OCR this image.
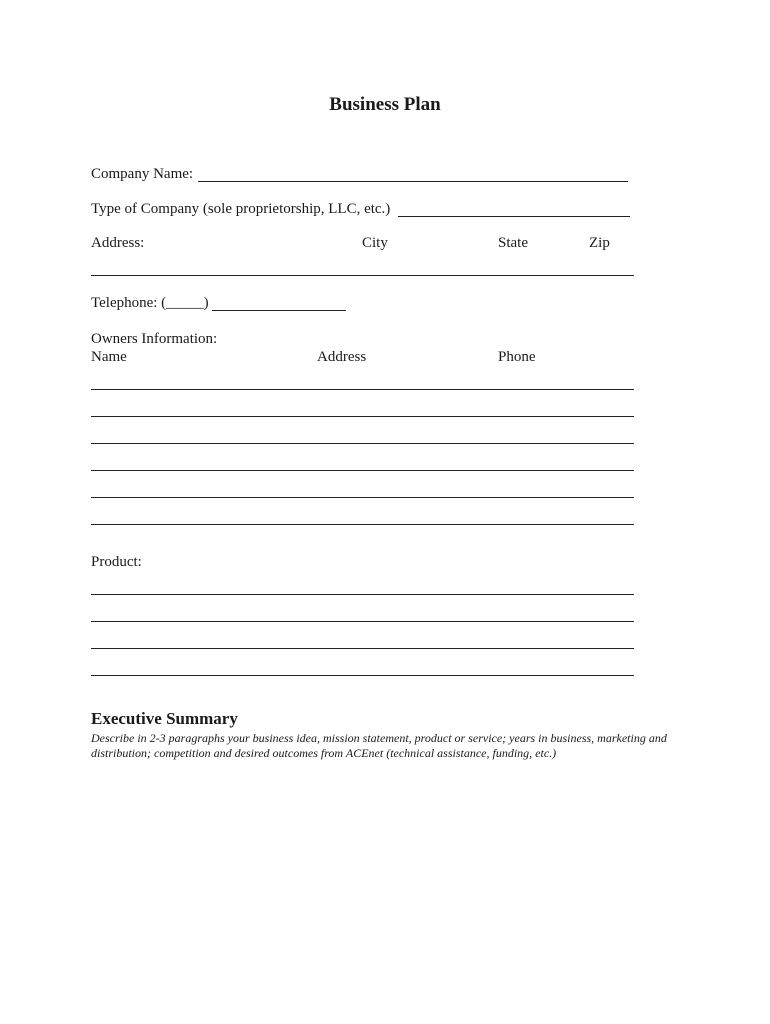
Business Plan
Company Name:
Type of Company (sole proprietorship, LLC, etc.)
Address:	City	State	Zip
Telephone: (_____)
Owners Information:
Name	Address	Phone
Product:
Executive Summary
Describe in 2-3 paragraphs your business idea, mission statement, product or service; years in business, marketing and distribution; competition and desired outcomes from ACEnet (technical assistance, funding, etc.)
